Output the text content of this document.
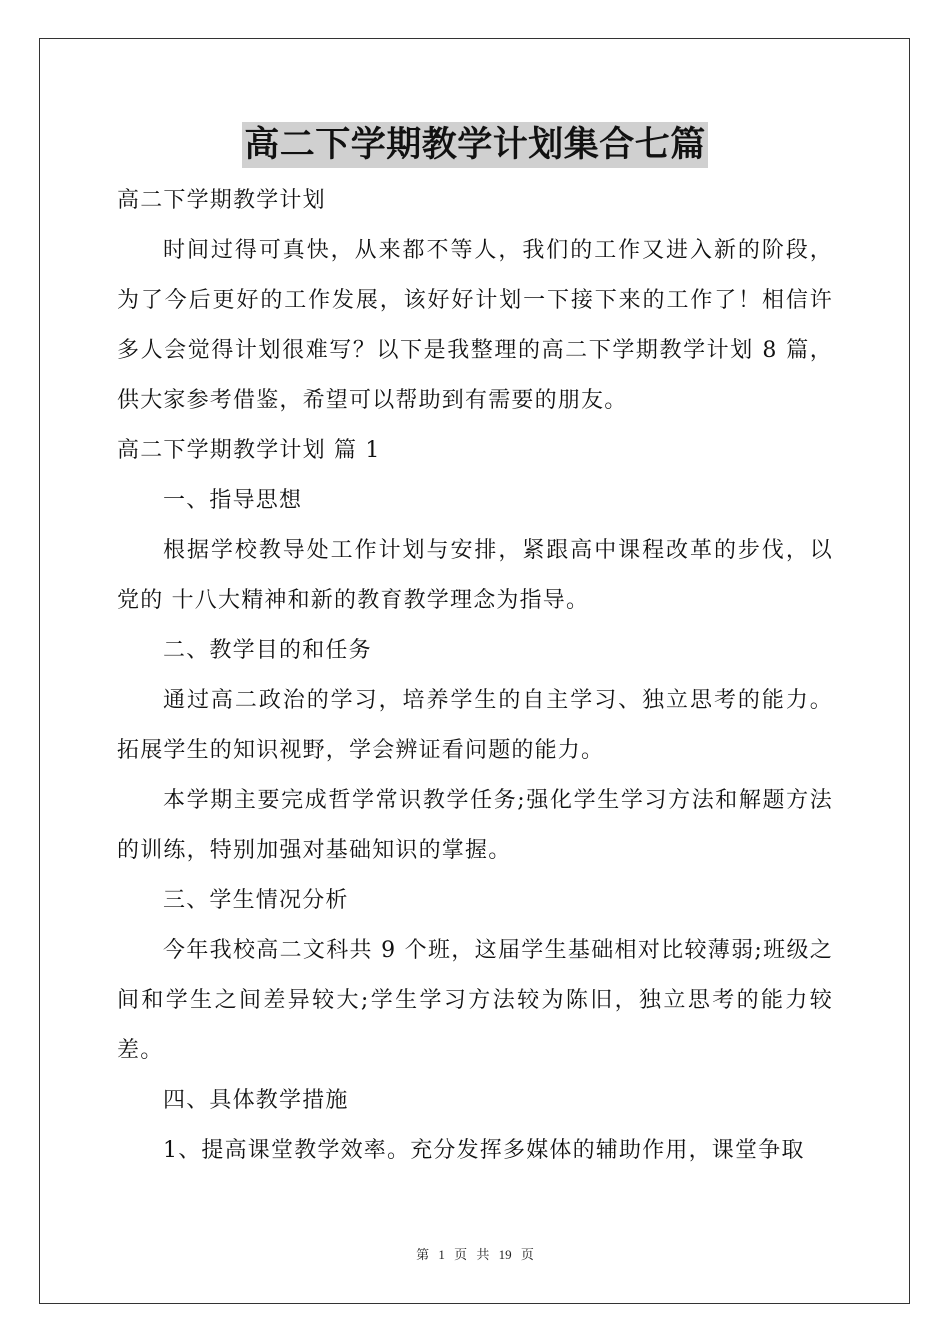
高二下学期教学计划集合七篇

高二下学期教学计划

时间过得可真快，从来都不等人，我们的工作又进入新的阶段，为了今后更好的工作发展，该好好计划一下接下来的工作了！相信许多人会觉得计划很难写？以下是我整理的高二下学期教学计划 8 篇，供大家参考借鉴，希望可以帮助到有需要的朋友。

高二下学期教学计划 篇 1

一、指导思想

根据学校教导处工作计划与安排，紧跟高中课程改革的步伐，以党的 十八大精神和新的教育教学理念为指导。

二、教学目的和任务

通过高二政治的学习，培养学生的自主学习、独立思考的能力。拓展学生的知识视野，学会辨证看问题的能力。

本学期主要完成哲学常识教学任务;强化学生学习方法和解题方法的训练，特别加强对基础知识的掌握。

三、学生情况分析

今年我校高二文科共 9 个班，这届学生基础相对比较薄弱;班级之间和学生之间差异较大;学生学习方法较为陈旧，独立思考的能力较差。

四、具体教学措施

1、提高课堂教学效率。充分发挥多媒体的辅助作用，课堂争取

第 1 页 共 19 页
